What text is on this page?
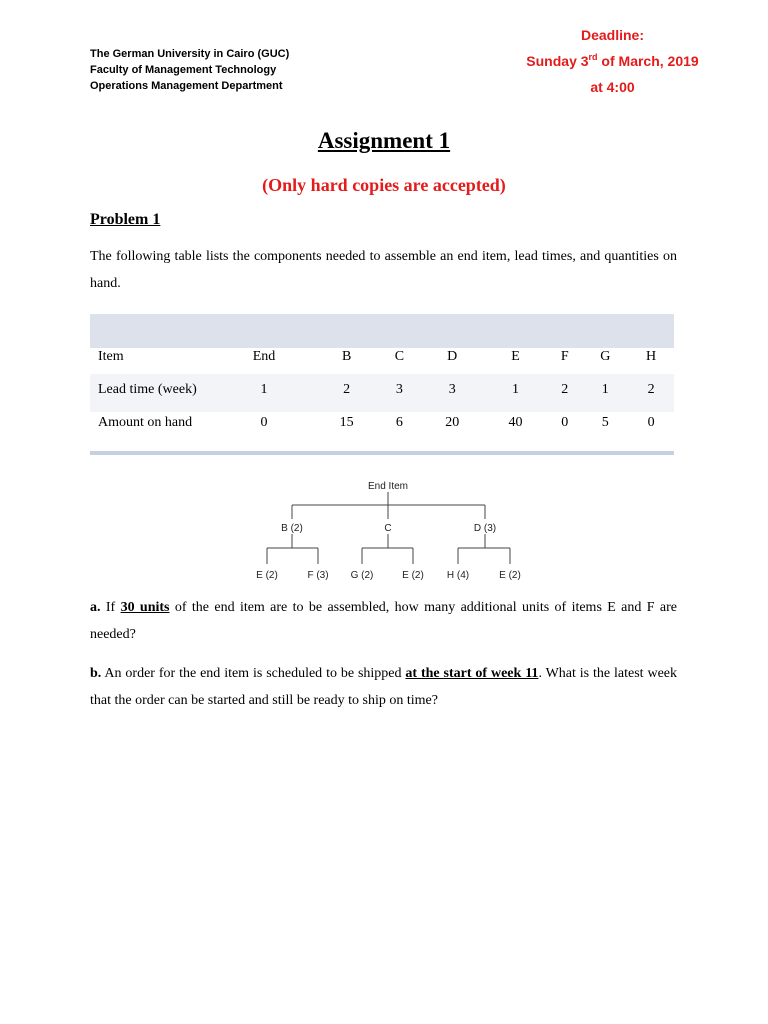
The German University in Cairo (GUC)
Faculty of Management Technology
Operations Management Department
Deadline:
Sunday 3rd of March, 2019
at 4:00
Assignment 1
(Only hard copies are accepted)
Problem 1
The following table lists the components needed to assemble an end item, lead times, and quantities on hand.
Item	End	B	C	D	E	F	G	H
Lead time (week)	1	2	3	3	1	2	1	2
Amount on hand	0	15	6	20	40	0	5	0
End Item
B (2)	C	D (3)
E (2)	F (3) G (2)	E (2) H (4)	E (2)
a. If 30 units of the end item are to be assembled, how many additional units of items E and F are needed?
b. An order for the end item is scheduled to be shipped at the start of week 11. What is the latest week that the order can be started and still be ready to ship on time?
